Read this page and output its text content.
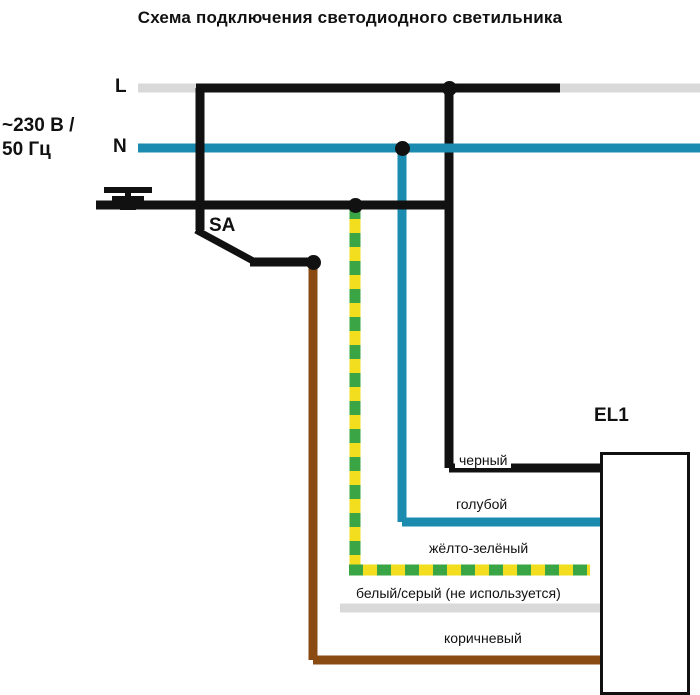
Схема подключения светодиодного светильника
L
N
~230 В /
50 Гц
SA
EL1
черный
голубой
жёлто-зелёный
белый/серый (не используется)
коричневый
